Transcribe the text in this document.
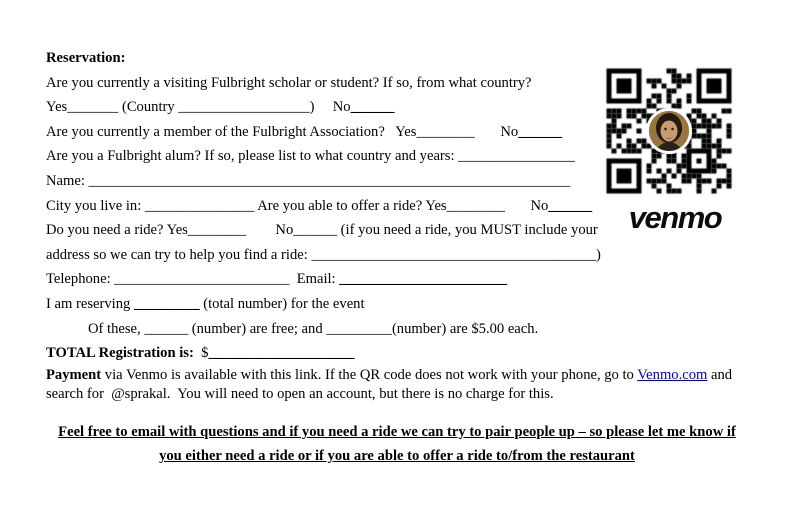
Reservation:

Are you currently a visiting Fulbright scholar or student? If so, from what country?

Yes_______ (Country __________________)     No______

Are you currently a member of the Fulbright Association?   Yes________       No______

Are you a Fulbright alum? If so, please list to what country and years: ________________

Name: __________________________________________________________________

City you live in: _______________ Are you able to offer a ride? Yes________       No______

Do you need a ride? Yes________        No______ (if you need a ride, you MUST include your

address so we can try to help you find a ride: _______________________________________)

Telephone: ________________________  Email: _______________________

I am reserving _________ (total number) for the event

Of these, ______ (number) are free; and _________(number) are $5.00 each.

TOTAL Registration is:  $____________________

Payment via Venmo is available with this link. If the QR code does not work with your phone, go to Venmo.com and search for  @sprakal.  You will need to open an account, but there is no charge for this.
Feel free to email with questions and if you need a ride we can try to pair people up – so please let me know if you either need a ride or if you are able to offer a ride to/from the restaurant
venmo
